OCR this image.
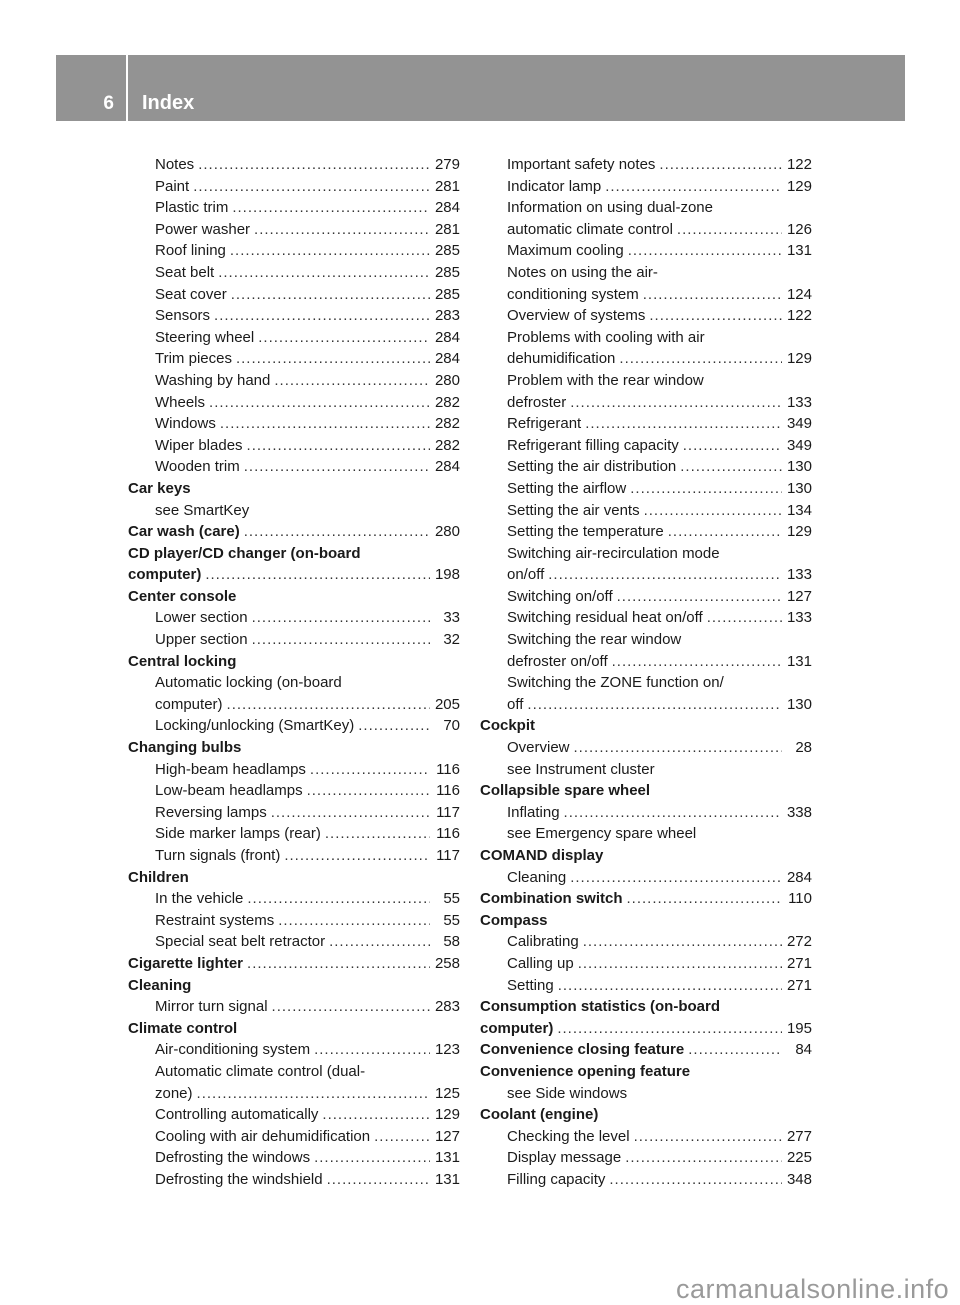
6 Index
Notes .....	279
Paint .....	281
Plastic trim .....	284
Power washer .....	281
Roof lining .....	285
Seat belt .....	285
Seat cover .....	285
Sensors .....	283
Steering wheel .....	284
Trim pieces .....	284
Washing by hand .....	280
Wheels .....	282
Windows .....	282
Wiper blades .....	282
Wooden trim .....	284
Car keys
see SmartKey
Car wash (care) .....	280
CD player/CD changer (on-board
computer) .....	198
Center console
Lower section .....	33
Upper section .....	32
Central locking
Automatic locking (on-board
computer) .....	205
Locking/unlocking (SmartKey) .....	70
Changing bulbs
High-beam headlamps .....	116
Low-beam headlamps .....	116
Reversing lamps .....	117
Side marker lamps (rear) .....	116
Turn signals (front) .....	117
Children
In the vehicle .....	55
Restraint systems .....	55
Special seat belt retractor .....	58
Cigarette lighter .....	258
Cleaning
Mirror turn signal .....	283
Climate control
Air-conditioning system .....	123
Automatic climate control (dual-
zone) .....	125
Controlling automatically .....	129
Cooling with air dehumidification .....	127
Defrosting the windows .....	131
Defrosting the windshield .....	131
Important safety notes .....	122
Indicator lamp .....	129
Information on using dual-zone
automatic climate control .....	126
Maximum cooling .....	131
Notes on using the air-
conditioning system .....	124
Overview of systems .....	122
Problems with cooling with air
dehumidification .....	129
Problem with the rear window
defroster .....	133
Refrigerant .....	349
Refrigerant filling capacity .....	349
Setting the air distribution .....	130
Setting the airflow .....	130
Setting the air vents .....	134
Setting the temperature .....	129
Switching air-recirculation mode
on/off .....	133
Switching on/off .....	127
Switching residual heat on/off .....	133
Switching the rear window
defroster on/off .....	131
Switching the ZONE function on/
off .....	130
Cockpit
Overview .....	28
see Instrument cluster
Collapsible spare wheel
Inflating .....	338
see Emergency spare wheel
COMAND display
Cleaning .....	284
Combination switch .....	110
Compass
Calibrating .....	272
Calling up .....	271
Setting .....	271
Consumption statistics (on-board
computer) .....	195
Convenience closing feature .....	84
Convenience opening feature
see Side windows
Coolant (engine)
Checking the level .....	277
Display message .....	225
Filling capacity .....	348
carmanualsonline.info
